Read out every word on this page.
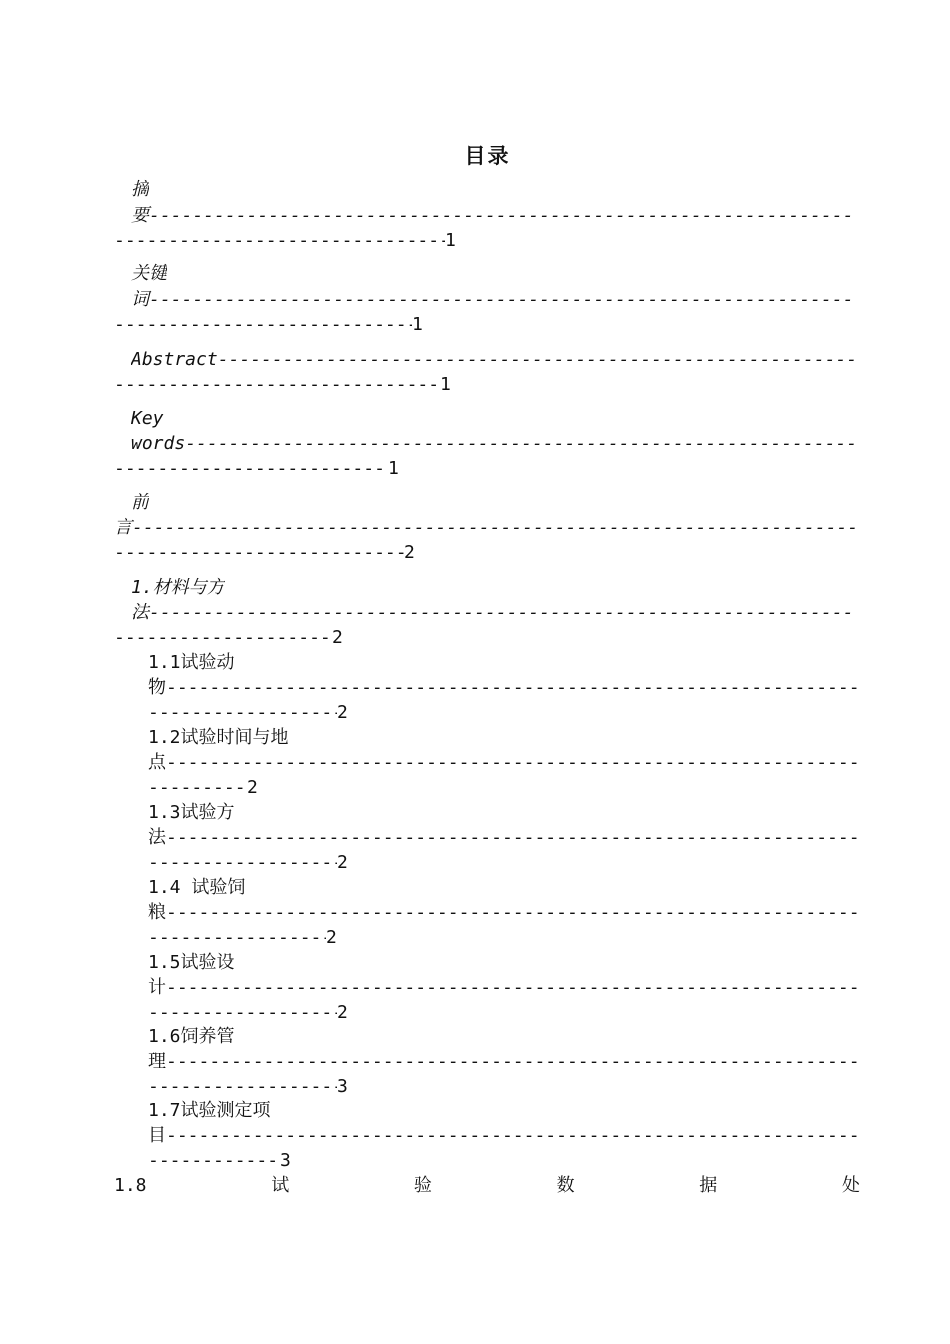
目录
摘
要-----
----- 1
关键
词-----
----- 1
Abstract-----
----- 1
Key
words-----
----- 1
前
言-----
----- 2
1.材料与方
法-----
----- 2
1.1试验动
物-----
----- 2
1.2试验时间与地
点-----
----- 2
1.3试验方
法-----
----- 2
1.4 试验饲
粮-----
----- 2
1.5试验设
计-----
----- 2
1.6饲养管
理-----
----- 3
1.7试验测定项
目-----
----- 3
1.8	试	验	数	据	处
